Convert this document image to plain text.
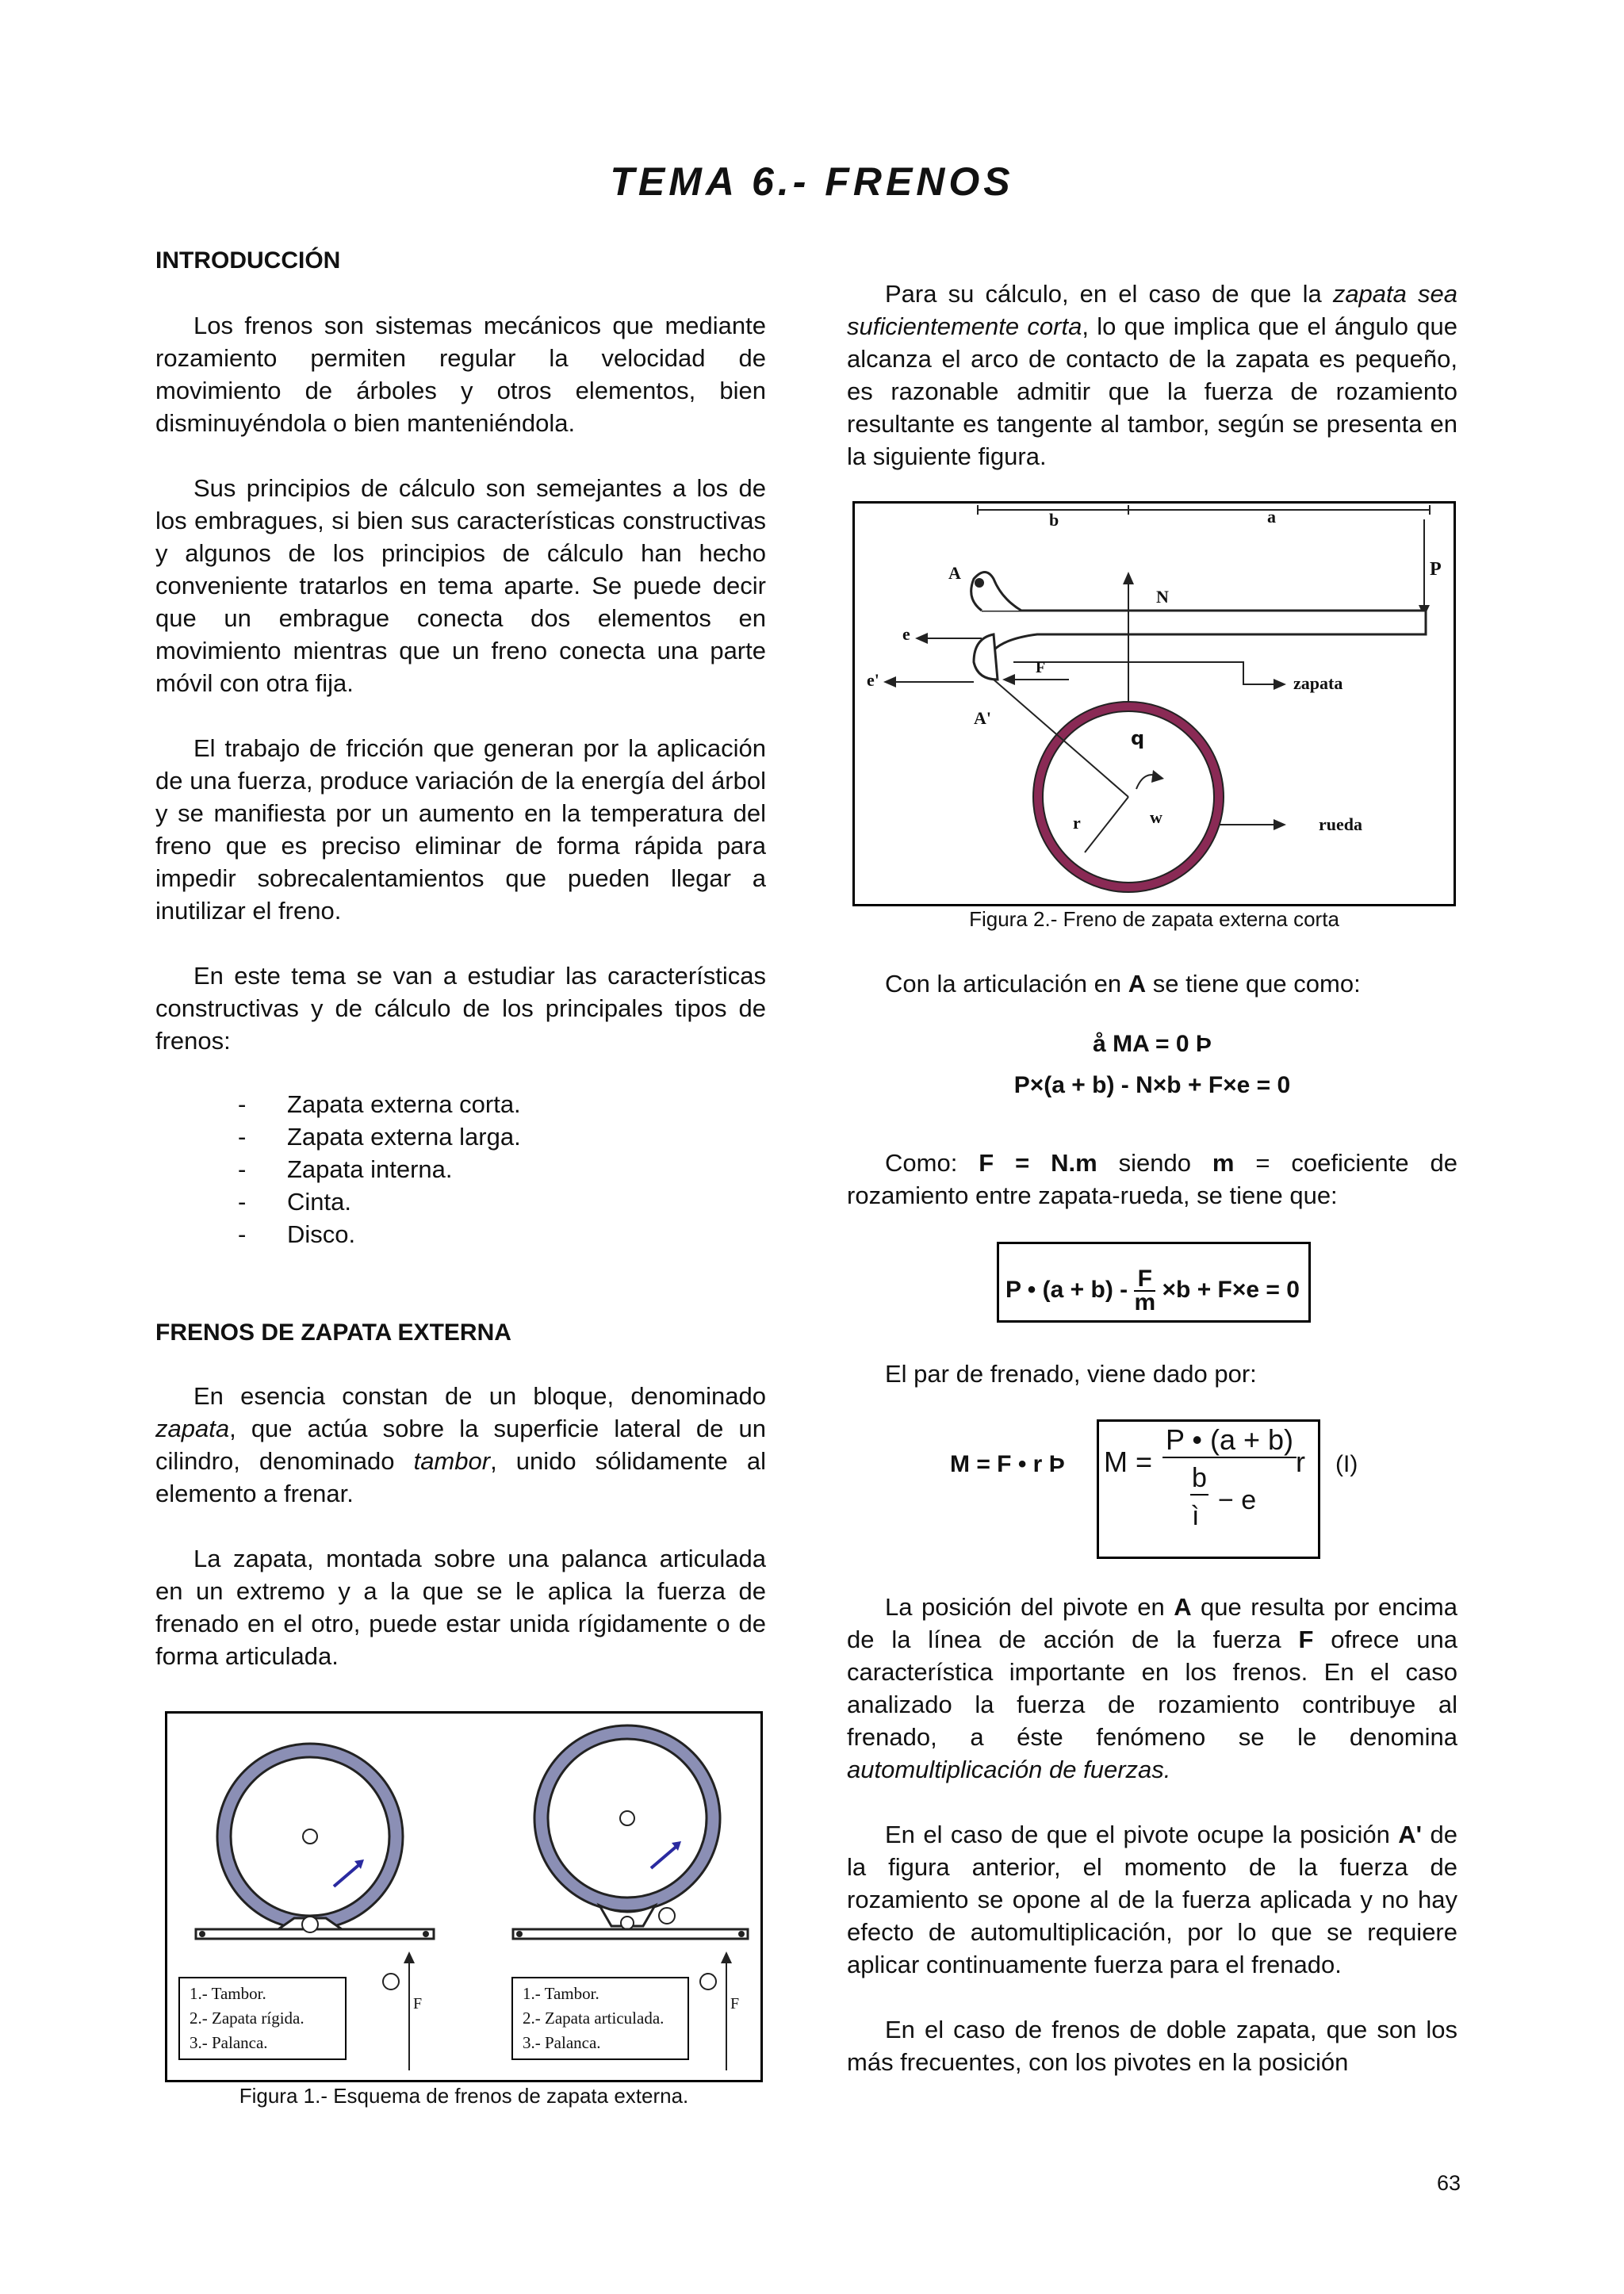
TEMA 6.- FRENOS
INTRODUCCIÓN

Los frenos son sistemas mecánicos que mediante rozamiento permiten regular la velocidad de movimiento de árboles y otros elementos, bien disminuyéndola o bien manteniéndola.

Sus principios de cálculo son semejantes a los de los embragues, si bien sus características constructivas y algunos de los principios de cálculo han hecho conveniente tratarlos en tema aparte. Se puede decir que un embrague conecta dos elementos en movimiento mientras que un freno conecta una parte móvil con otra fija.

El trabajo de fricción que generan por la aplicación de una fuerza, produce variación de la energía del árbol y se manifiesta por un aumento en la temperatura del freno que es preciso eliminar de forma rápida para impedir sobrecalentamientos que pueden llegar a inutilizar el freno.

En este tema se van a estudiar las características constructivas y de cálculo de los principales tipos de frenos:

- Zapata externa corta.
- Zapata externa larga.
- Zapata interna.
- Cinta.
- Disco.
FRENOS DE ZAPATA EXTERNA

En esencia constan de un bloque, denominado zapata, que actúa sobre la superficie lateral de un cilindro, denominado tambor, unido sólidamente al elemento a frenar.

La zapata, montada sobre una palanca articulada en un extremo y a la que se le aplica la fuerza de frenado en el otro, puede estar unida rígidamente o de forma articulada.

F	F
1.- Tambor.
2.- Zapata rígida.
3.- Palanca.
1.- Tambor.
2.- Zapata articulada.
3.- Palanca.
Figura 1.- Esquema de frenos de zapata externa.

Para su cálculo, en el caso de que la zapata sea suficientemente corta, lo que implica que el ángulo que alcanza el arco de contacto de la zapata es pequeño, es razonable admitir que la fuerza de rozamiento resultante es tangente al tambor, según se presenta en la siguiente figura.

b	a
P
A
N
e
e'
F
A'
zapata
q
r	w	rueda
Figura 2.- Freno de zapata externa corta

Con la articulación en A se tiene que como:

å MA = 0 Þ
P×(a + b) - N×b + F×e = 0

Como: F = N.m siendo m = coeficiente de rozamiento entre zapata-rueda, se tiene que:

P • $(a + b) - \frac{F}{m} \times b + F\times e = 0$

El par de frenado, viene dado por:

M = F • r Þ M =
P • (a + b)
b
ì
− e
r (I)

La posición del pivote en A que resulta por encima de la línea de acción de la fuerza F ofrece una característica importante en los frenos. En el caso analizado la fuerza de rozamiento contribuye al frenado, a éste fenómeno se le denomina automultiplicación de fuerzas.

En el caso de que el pivote ocupe la posición A' de la figura anterior, el momento de la fuerza de rozamiento se opone al de la fuerza aplicada y no hay efecto de automultiplicación, por lo que se requiere aplicar continuamente fuerza para el frenado.

En el caso de frenos de doble zapata, que son los más frecuentes, con los pivotes en la posición

63
